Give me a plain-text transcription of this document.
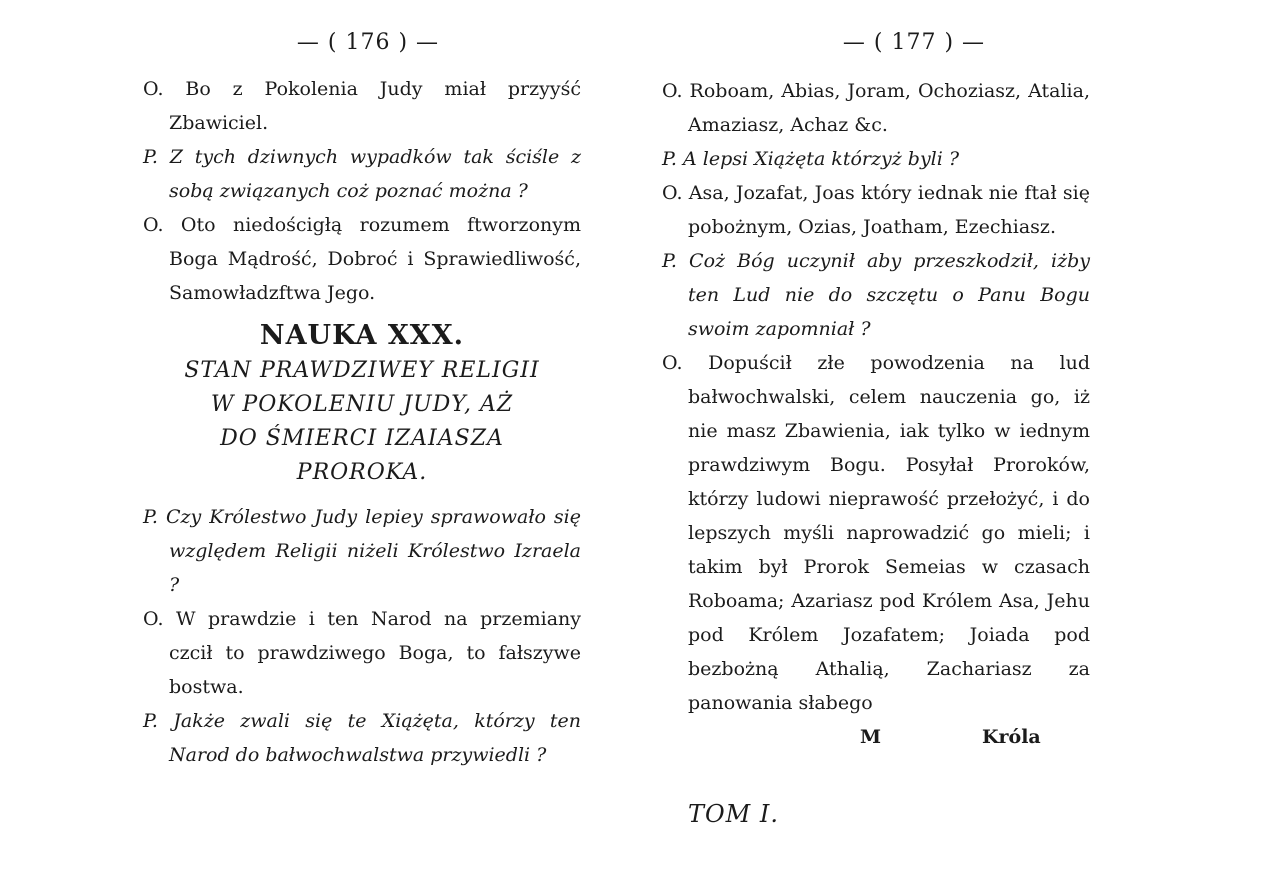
— ( 176 ) —

O. Bo z Pokolenia Judy miał przyyść Zbawiciel.

P. Z tych dziwnych wypadków tak ściśle z sobą związanych coż poznać można ?

O. Oto niedościgłą rozumem ftworzonym Boga Mądrość, Dobroć i Sprawiedliwość, Samowładzftwa Jego.

NAUKA XXX.
STAN PRAWDZIWEY RELIGII
W POKOLENIU JUDY, AŻ
DO ŚMIERCI IZAIASZA
PROROKA.

P. Czy Królestwo Judy lepiey sprawowało się względem Religii niżeli Królestwo Izraela ?

O. W prawdzie i ten Narod na przemiany czcił to prawdziwego Boga, to fałszywe bostwa.

P. Jakże zwali się te Xiążęta, którzy ten Narod do bałwochwalstwa przywiedli ?

— ( 177 ) —

O. Roboam, Abias, Joram, Ochoziasz, Atalia, Amaziasz, Achaz &c.

P. A lepsi Xiążęta którzyż byli ?

O. Asa, Jozafat, Joas który iednak nie ftał się pobożnym, Ozias, Joatham, Ezechiasz.

P. Coż Bóg uczynił aby przeszkodził, iżby ten Lud nie do szczętu o Panu Bogu swoim zapomniał ?

O. Dopuścił złe powodzenia na lud bałwochwalski, celem nauczenia go, iż nie masz Zbawienia, iak tylko w iednym prawdziwym Bogu. Posyłał Proroków, którzy ludowi nieprawość przełożyć, i do lepszych myśli naprowadzić go mieli; i takim był Prorok Semeias w czasach Roboama; Azariasz pod Królem Asa, Jehu pod Królem Jozafatem; Joiada pod bezbożną Athalią, Zachariasz za panowania słabego

M	Króla
TOM I.
